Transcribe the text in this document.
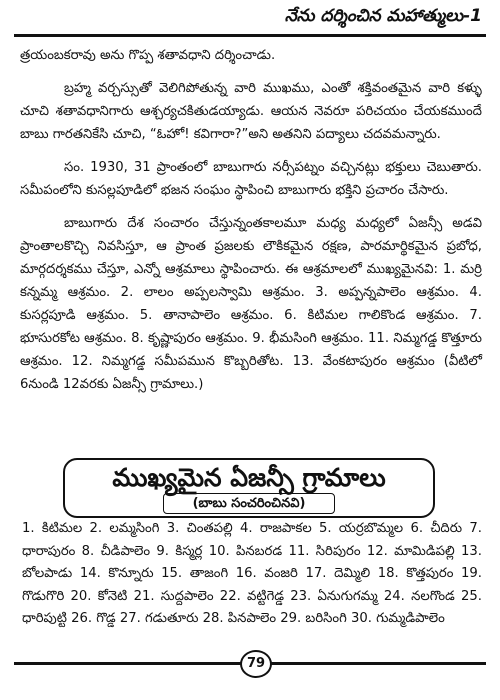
నేను దర్శించిన మహాత్ములు-1

త్రయంబకరావు అను గొప్ప శతావధాని దర్శించాడు.

బ్రహ్మ వర్చస్సుతో వెలిగిపోతున్న వారి ముఖము, ఎంతో శక్తివంతమైన వారి కళ్ళు చూచి శతావధానిగారు ఆశ్చర్యచకితుడయ్యాడు. ఆయన నెవరూ పరిచయం చేయకముందే బాబు గారతనికేసి చూచి, “ఓహో! కవిగారా?”అని అతనిని పద్యాలు చదవమన్నారు.

సం. 1930, 31 ప్రాంతంలో బాబుగారు నర్సీపట్నం వచ్చినట్లు భక్తులు చెబుతారు. సమీపంలోని కుసల్లపూడిలో భజన సంఘం స్థాపించి బాబుగారు భక్తిని ప్రచారం చేసారు.

బాబుగారు దేశ సంచారం చేస్తున్నంతకాలమూ మధ్య మధ్యలో ఏజన్సీ అడవి ప్రాంతాలకొచ్చి నివసిస్తూ, ఆ ప్రాంత ప్రజలకు లౌకికమైన రక్షణ, పారమార్థికమైన ప్రబోధ, మార్గదర్శకము చేస్తూ, ఎన్నో ఆశ్రమాలు స్థాపించారు. ఈ ఆశ్రమాలలో ముఖ్యమైనవి: 1. మర్రి కన్నమ్మ ఆశ్రమం. 2. లాలం అప్పలస్వామి ఆశ్రమం. 3. అప్పన్నపాలెం ఆశ్రమం. 4. కుసర్లపూడి ఆశ్రమం. 5. తానాపాలెం ఆశ్రమం. 6. కిటిమల గాలికొండ ఆశ్రమం. 7. భూసురకోట ఆశ్రమం. 8. కృష్ణాపురం ఆశ్రమం. 9. భీమసింగి ఆశ్రమం. 11. నిమ్మగడ్డ కొత్తూరు ఆశ్రమం. 12. నిమ్మగడ్డ సమీపమున కొబ్బరితోట. 13. వేంకటాపురం ఆశ్రమం (వీటిలో 6నుండి 12వరకు ఏజన్సీ గ్రామాలు.)

ముఖ్యమైన ఏజన్సీ గ్రామాలు
(బాబు సంచరించినవి)
1. కిటిమల 2. లమ్మసింగి 3. చింతపల్లి 4. రాజపాకల 5. యర్రబొమ్మల 6. చీదిరు 7. ధారాపురం 8. చీడిపాలెం 9. కిస్మర్ల 10. పినబరడ 11. సిరిపురం 12. మామిడిపల్లి 13. బోలపాడు 14. కొన్నూరు 15. తాజంగి 16. వంజరి 17. దెమ్మిలి 18. కొత్తపురం 19. గొడుగొరి 20. కోనెటి 21. సుద్దపాలెం 22. వట్టిగెడ్డ 23. ఏనుగుగమ్మ 24. నలగొండ 25. ధారిపుట్టి 26. గొడ్డ 27. గడుతూరు 28. పినపాలెం 29. బరిసింగి 30. గుమ్మడిపాలెం
79
